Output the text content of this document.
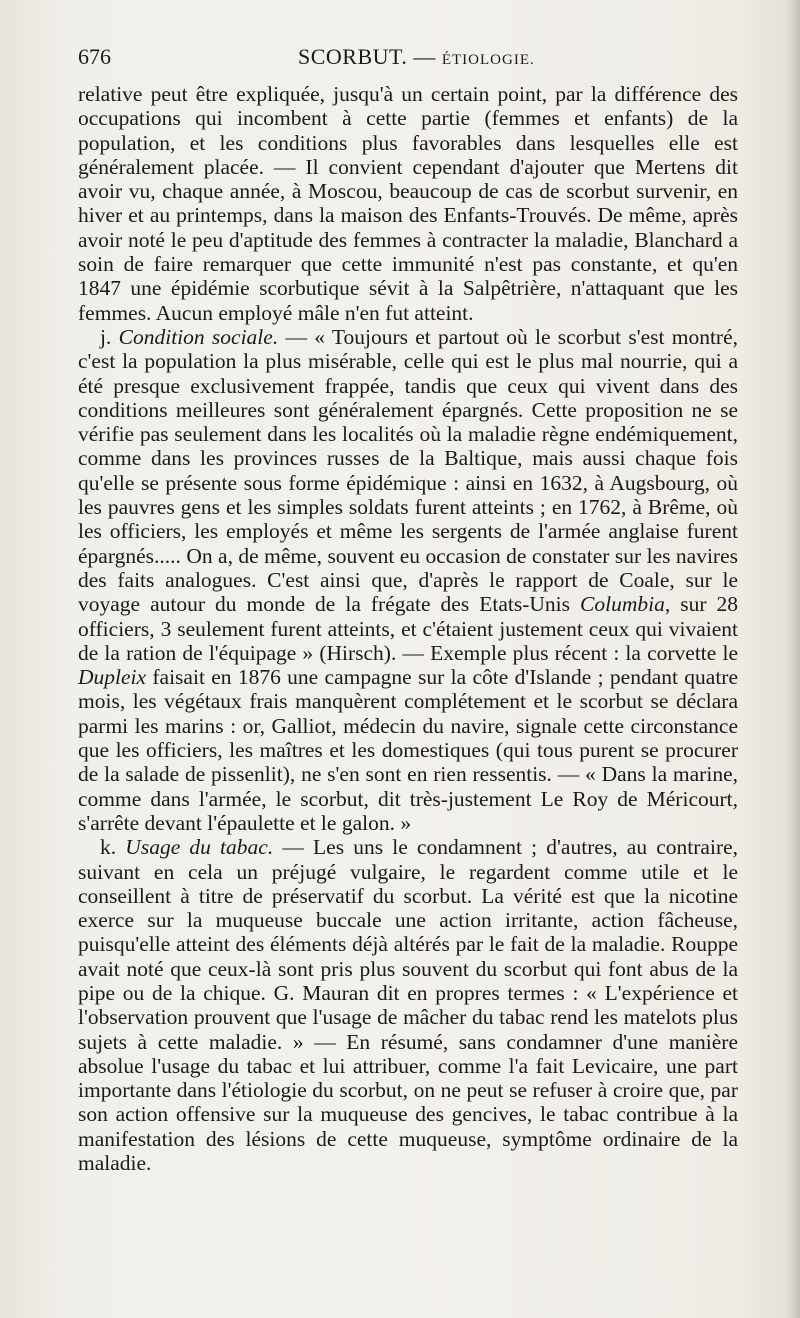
676	SCORBUT. — ÉTIOLOGIE.

relative peut être expliquée, jusqu'à un certain point, par la différence des occupations qui incombent à cette partie (femmes et enfants) de la population, et les conditions plus favorables dans lesquelles elle est généralement placée. — Il convient cependant d'ajouter que Mertens dit avoir vu, chaque année, à Moscou, beaucoup de cas de scorbut survenir, en hiver et au printemps, dans la maison des Enfants-Trouvés. De même, après avoir noté le peu d'aptitude des femmes à contracter la maladie, Blanchard a soin de faire remarquer que cette immunité n'est pas constante, et qu'en 1847 une épidémie scorbutique sévit à la Salpêtrière, n'attaquant que les femmes. Aucun employé mâle n'en fut atteint.

j. Condition sociale. — « Toujours et partout où le scorbut s'est montré, c'est la population la plus misérable, celle qui est le plus mal nourrie, qui a été presque exclusivement frappée, tandis que ceux qui vivent dans des conditions meilleures sont généralement épargnés. Cette proposition ne se vérifie pas seulement dans les localités où la maladie règne endémiquement, comme dans les provinces russes de la Baltique, mais aussi chaque fois qu'elle se présente sous forme épidémique : ainsi en 1632, à Augsbourg, où les pauvres gens et les simples soldats furent atteints ; en 1762, à Brême, où les officiers, les employés et même les sergents de l'armée anglaise furent épargnés..... On a, de même, souvent eu occasion de constater sur les navires des faits analogues. C'est ainsi que, d'après le rapport de Coale, sur le voyage autour du monde de la frégate des Etats-Unis Columbia, sur 28 officiers, 3 seulement furent atteints, et c'étaient justement ceux qui vivaient de la ration de l'équipage » (Hirsch). — Exemple plus récent : la corvette le Dupleix faisait en 1876 une campagne sur la côte d'Islande ; pendant quatre mois, les végétaux frais manquèrent complétement et le scorbut se déclara parmi les marins : or, Galliot, médecin du navire, signale cette circonstance que les officiers, les maîtres et les domestiques (qui tous purent se procurer de la salade de pissenlit), ne s'en sont en rien ressentis. — « Dans la marine, comme dans l'armée, le scorbut, dit très-justement Le Roy de Méricourt, s'arrête devant l'épaulette et le galon. »

k. Usage du tabac. — Les uns le condamnent ; d'autres, au contraire, suivant en cela un préjugé vulgaire, le regardent comme utile et le conseillent à titre de préservatif du scorbut. La vérité est que la nicotine exerce sur la muqueuse buccale une action irritante, action fâcheuse, puisqu'elle atteint des éléments déjà altérés par le fait de la maladie. Rouppe avait noté que ceux-là sont pris plus souvent du scorbut qui font abus de la pipe ou de la chique. G. Mauran dit en propres termes : « L'expérience et l'observation prouvent que l'usage de mâcher du tabac rend les matelots plus sujets à cette maladie. » — En résumé, sans condamner d'une manière absolue l'usage du tabac et lui attribuer, comme l'a fait Levicaire, une part importante dans l'étiologie du scorbut, on ne peut se refuser à croire que, par son action offensive sur la muqueuse des gencives, le tabac contribue à la manifestation des lésions de cette muqueuse, symptôme ordinaire de la maladie.
